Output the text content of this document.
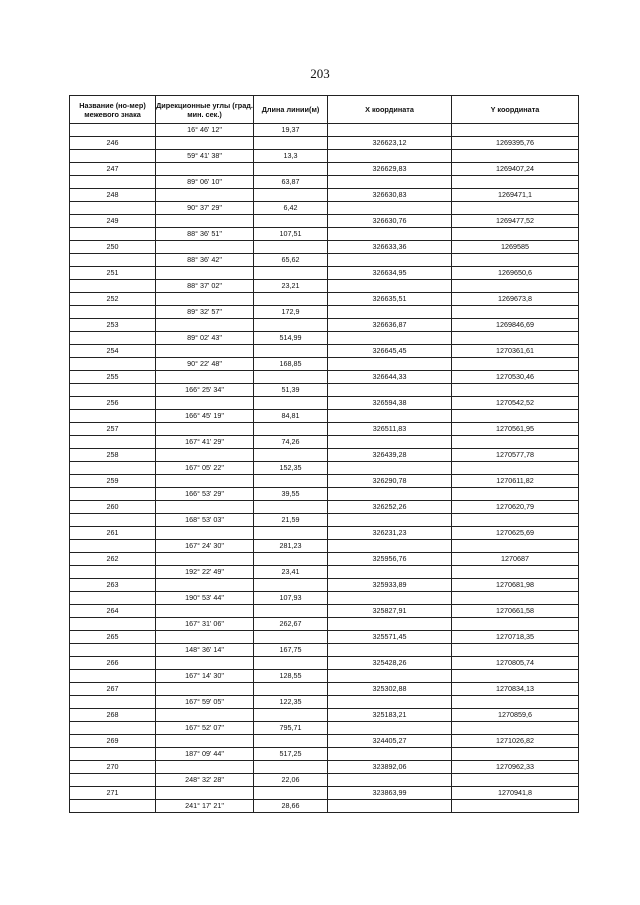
203
Название (но-мер) межевого знака	Дирекционные углы (град. мин. сек.)	Длина линии(м)	X координата	Y координата
	16° 46' 12"	19,37		
246			326623,12	1269395,76
	59° 41' 38"	13,3		
247			326629,83	1269407,24
	89° 06' 10"	63,87		
248			326630,83	1269471,1
	90° 37' 29"	6,42		
249			326630,76	1269477,52
	88° 36' 51"	107,51		
250			326633,36	1269585
	88° 36' 42"	65,62		
251			326634,95	1269650,6
	88° 37' 02"	23,21		
252			326635,51	1269673,8
	89° 32' 57"	172,9		
253			326636,87	1269846,69
	89° 02' 43"	514,99		
254			326645,45	1270361,61
	90° 22' 48"	168,85		
255			326644,33	1270530,46
	166° 25' 34"	51,39		
256			326594,38	1270542,52
	166° 45' 19"	84,81		
257			326511,83	1270561,95
	167° 41' 29"	74,26		
258			326439,28	1270577,78
	167° 05' 22"	152,35		
259			326290,78	1270611,82
	166° 53' 29"	39,55		
260			326252,26	1270620,79
	168° 53' 03"	21,59		
261			326231,23	1270625,69
	167° 24' 30"	281,23		
262			325956,76	1270687
	192° 22' 49"	23,41		
263			325933,89	1270681,98
	190° 53' 44"	107,93		
264			325827,91	1270661,58
	167° 31' 06"	262,67		
265			325571,45	1270718,35
	148° 36' 14"	167,75		
266			325428,26	1270805,74
	167° 14' 30"	128,55		
267			325302,88	1270834,13
	167° 59' 05"	122,35		
268			325183,21	1270859,6
	167° 52' 07"	795,71		
269			324405,27	1271026,82
	187° 09' 44"	517,25		
270			323892,06	1270962,33
	248° 32' 28"	22,06		
271			323863,99	1270941,8
	241° 17' 21"	28,66		
